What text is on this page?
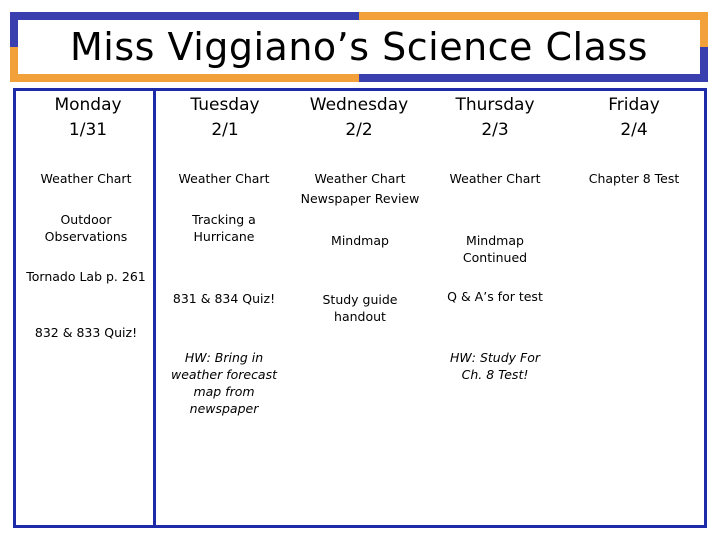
Miss Viggiano’s Science Class
Monday
1/31
Tuesday
2/1
Wednesday
2/2
Thursday
2/3
Friday
2/4
Weather Chart
Outdoor Observations
Tornado Lab p. 261
832 & 833 Quiz!
Weather Chart
Tracking a Hurricane
831 & 834 Quiz!
HW: Bring in weather forecast map from newspaper
Weather Chart
Newspaper Review
Mindmap
Study guide handout
Weather Chart
Mindmap Continued
Q & A’s for test
HW: Study For Ch. 8 Test!
Chapter 8 Test
